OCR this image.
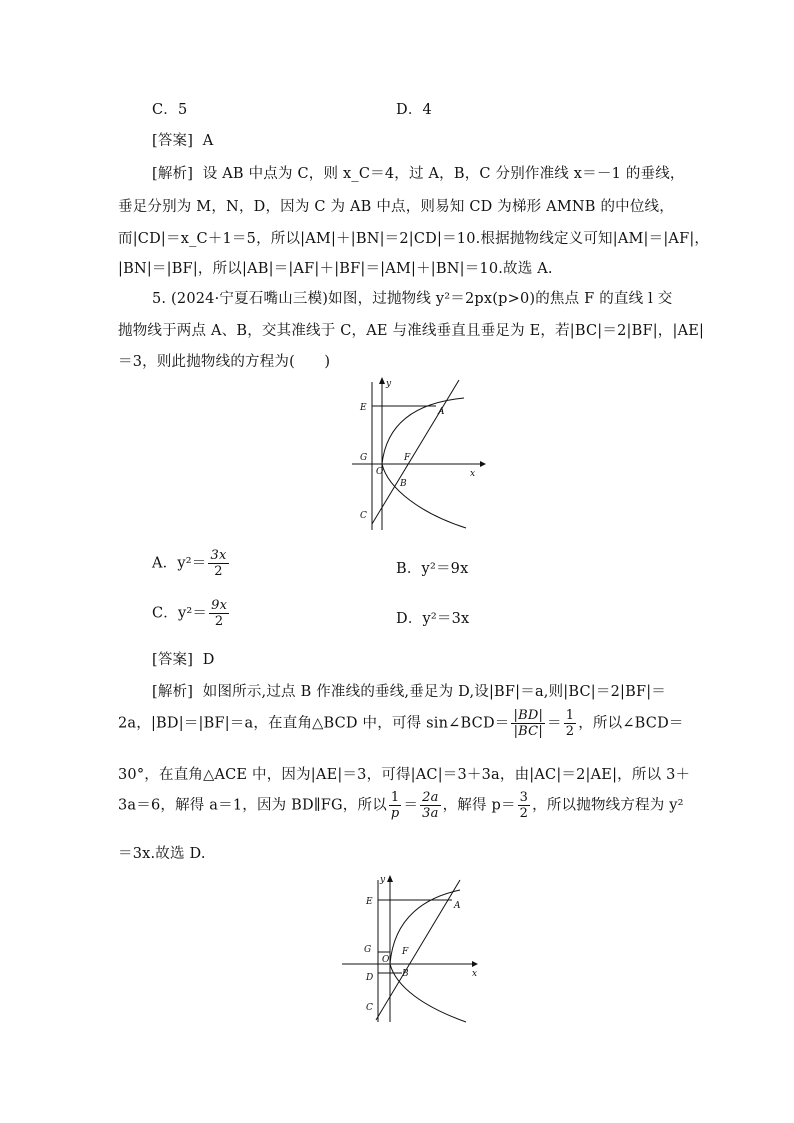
C．5	D．4
[答案] A
[解析] 设 AB 中点为 C，则 x_C＝4，过 A，B，C 分别作准线 x＝－1 的垂线，
垂足分别为 M，N，D，因为 C 为 AB 中点，则易知 CD 为梯形 AMNB 的中位线，
而|CD|＝x_C＋1＝5，所以|AM|＋|BN|＝2|CD|＝10.根据抛物线定义可知|AM|＝|AF|，
|BN|＝|BF|，所以|AB|＝|AF|＋|BF|＝|AM|＋|BN|＝10.故选 A.
5. (2024·宁夏石嘴山三模)如图，过抛物线 y²＝2px(p>0)的焦点 F 的直线 l 交
抛物线于两点 A、B，交其准线于 C，AE 与准线垂直且垂足为 E，若|BC|＝2|BF|，|AE|
＝3，则此抛物线的方程为(　　)
E	A
G
O
F
B
C
x
y
A．$y^2= \frac{3x}{2}$	B．y²＝9x
C．$y^2= \frac{9x}{2}$	D．y²＝3x
[答案] D
[解析] 如图所示,过点 B 作准线的垂线,垂足为 D,设|BF|＝a,则|BC|＝2|BF|＝
2a，|BD|＝|BF|＝a，在直角△BCD 中，可得 sin∠BCD＝ $\frac{|BD|}{|BC|} = \frac{1}{2}$ ，所以∠BCD＝
30°，在直角△ACE 中，因为|AE|＝3，可得|AC|＝3＋3a，由|AC|＝2|AE|，所以 3＋
3a＝6，解得 a＝1，因为 BD∥FG，所以 $\frac{1}{p} = \frac{2a}{3a}$ ，解得 $p= \frac{3}{2}$ ，所以抛物线方程为 y²
＝3x.故选 D.
E	A
G
O
F
D	B
C
x
y
